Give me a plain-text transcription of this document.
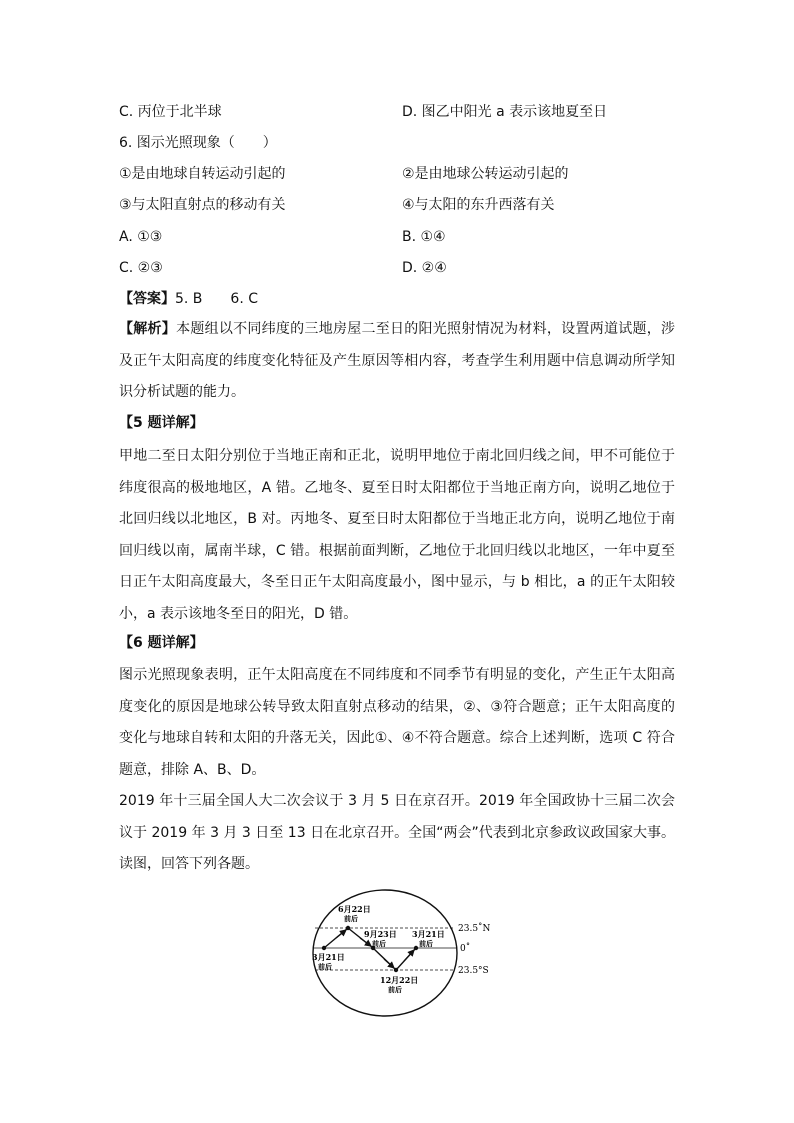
C. 丙位于北半球	D. 图乙中阳光 a 表示该地夏至日
6. 图示光照现象（　　）
①是由地球自转运动引起的	②是由地球公转运动引起的
③与太阳直射点的移动有关	④与太阳的东升西落有关
A. ①③	B. ①④
C. ②③	D. ②④
【答案】5. B　　6. C
【解析】本题组以不同纬度的三地房屋二至日的阳光照射情况为材料，设置两道试题，涉及正午太阳高度的纬度变化特征及产生原因等相内容，考查学生利用题中信息调动所学知识分析试题的能力。
【5 题详解】
甲地二至日太阳分别位于当地正南和正北，说明甲地位于南北回归线之间，甲不可能位于纬度很高的极地地区，A 错。乙地冬、夏至日时太阳都位于当地正南方向，说明乙地位于北回归线以北地区，B 对。丙地冬、夏至日时太阳都位于当地正北方向，说明乙地位于南回归线以南，属南半球，C 错。根据前面判断，乙地位于北回归线以北地区，一年中夏至日正午太阳高度最大，冬至日正午太阳高度最小，图中显示，与 b 相比，a 的正午太阳较小，a 表示该地冬至日的阳光，D 错。
【6 题详解】
图示光照现象表明，正午太阳高度在不同纬度和不同季节有明显的变化，产生正午太阳高度变化的原因是地球公转导致太阳直射点移动的结果，②、③符合题意；正午太阳高度的变化与地球自转和太阳的升落无关，因此①、④不符合题意。综合上述判断，选项 C 符合题意，排除 A、B、D。
2019 年十三届全国人大二次会议于 3 月 5 日在京召开。2019 年全国政协十三届二次会议于 2019 年 3 月 3 日至 13 日在北京召开。全国“两会”代表到北京参政议政国家大事。读图，回答下列各题。
6月22日
前后
9月23日
前后
3月21日
前后
3月21日
前后
12月22日
前后
23.5˚N
0˚
23.5°S
